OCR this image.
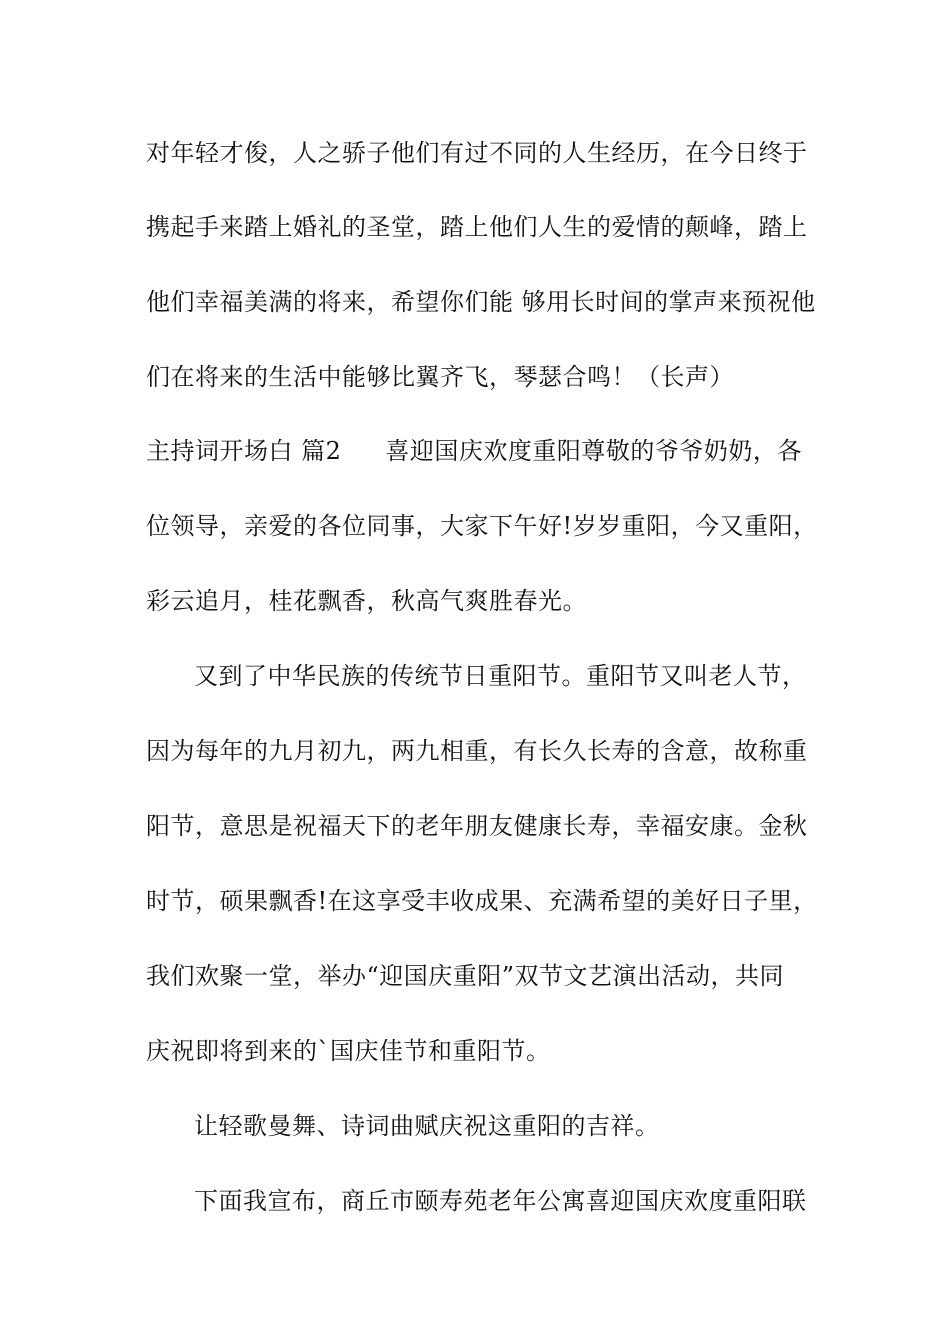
对年轻才俊，人之骄子他们有过不同的人生经历，在今日终于
携起手来踏上婚礼的圣堂，踏上他们人生的爱情的颠峰，踏上
他们幸福美满的将来，希望你们能 够用长时间的掌声来预祝他
们在将来的生活中能够比翼齐飞，琴瑟合鸣！（长声）
主持词开场白 篇2 喜迎国庆欢度重阳尊敬的爷爷奶奶，各
位领导，亲爱的各位同事，大家下午好!岁岁重阳，今又重阳，
彩云追月，桂花飘香，秋高气爽胜春光。
又到了中华民族的传统节日重阳节。重阳节又叫老人节，
因为每年的九月初九，两九相重，有长久长寿的含意，故称重
阳节，意思是祝福天下的老年朋友健康长寿，幸福安康。金秋
时节，硕果飘香!在这享受丰收成果、充满希望的美好日子里，
我们欢聚一堂，举办“迎国庆重阳”双节文艺演出活动，共同
庆祝即将到来的`国庆佳节和重阳节。
让轻歌曼舞、诗词曲赋庆祝这重阳的吉祥。
下面我宣布，商丘市颐寿苑老年公寓喜迎国庆欢度重阳联
